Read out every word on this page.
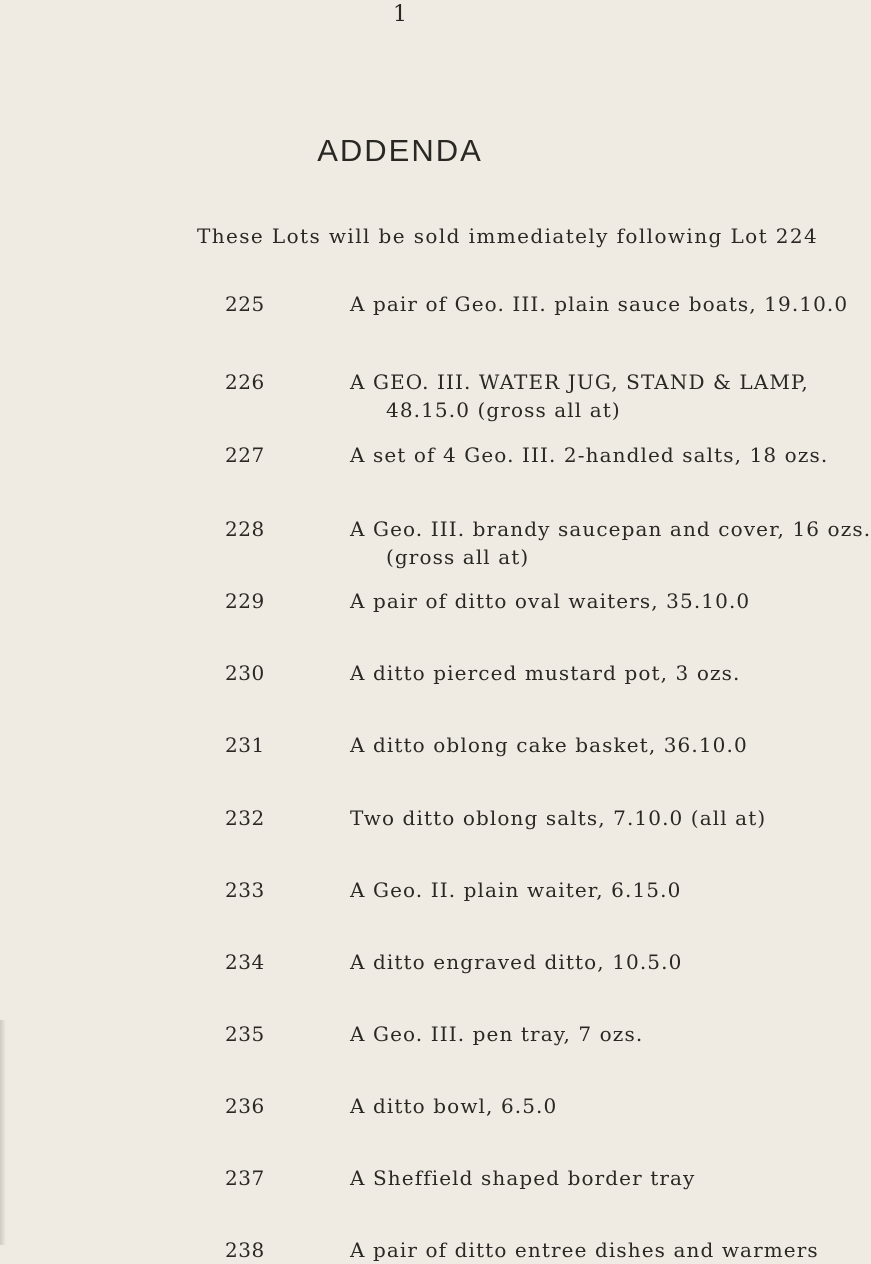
1
ADDENDA
These Lots will be sold immediately following Lot 224
225	A pair of Geo. III. plain sauce boats, 19.10.0
226	A GEO. III. WATER JUG, STAND & LAMP,
48.15.0 (gross all at)
227	A set of 4 Geo. III. 2-handled salts, 18 ozs.
228	A Geo. III. brandy saucepan and cover, 16 ozs.
(gross all at)
229	A pair of ditto oval waiters, 35.10.0
230	A ditto pierced mustard pot, 3 ozs.
231	A ditto oblong cake basket, 36.10.0
232	Two ditto oblong salts, 7.10.0 (all at)
233	A Geo. II. plain waiter, 6.15.0
234	A ditto engraved ditto, 10.5.0
235	A Geo. III. pen tray, 7 ozs.
236	A ditto bowl, 6.5.0
237	A Sheffield shaped border tray
238	A pair of ditto entree dishes and warmers
